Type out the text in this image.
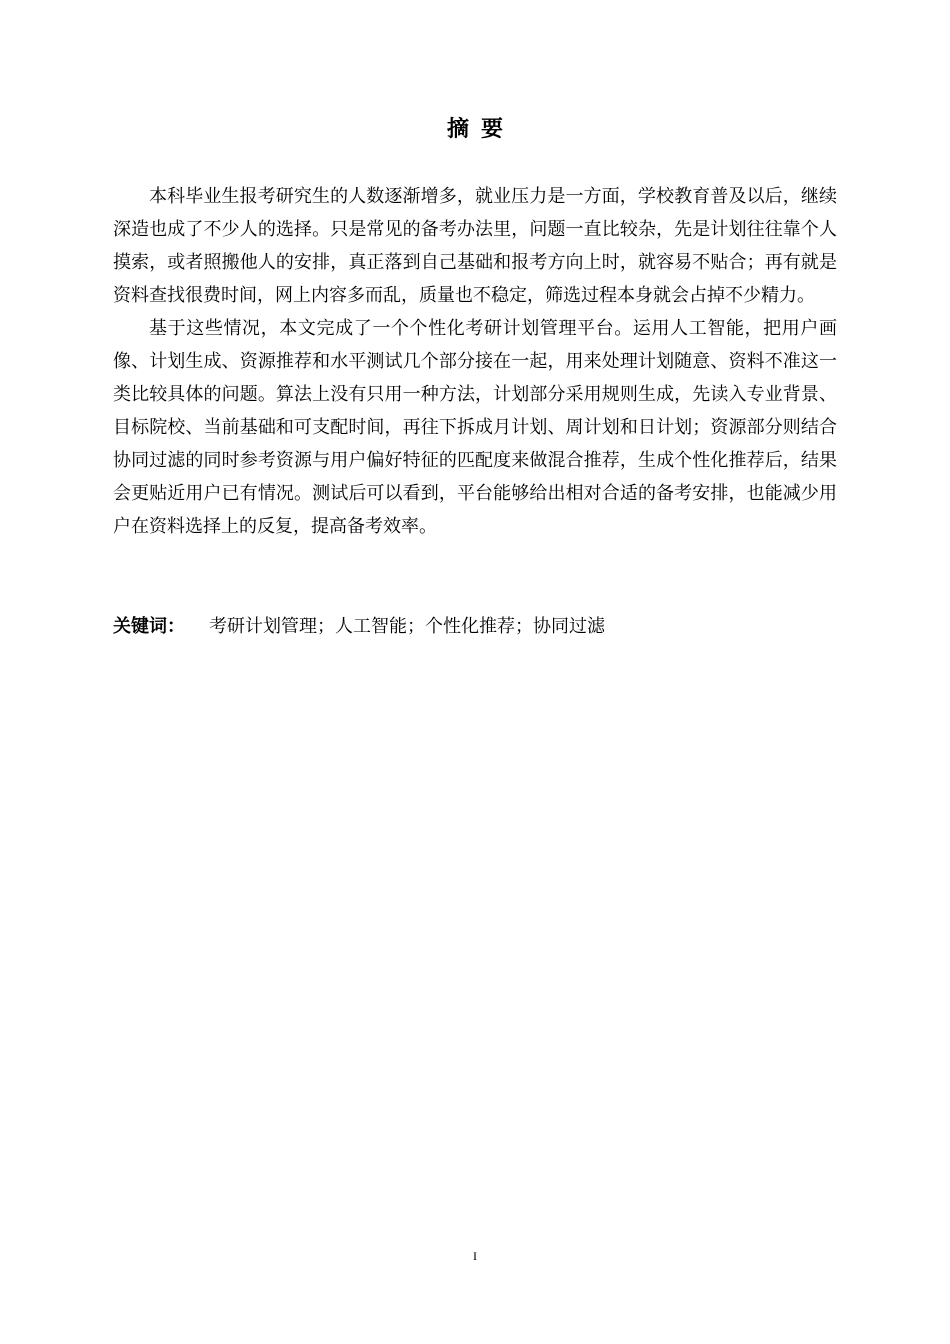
摘要

本科毕业生报考研究生的人数逐渐增多，就业压力是一方面，学校教育普及以后，继续深造也成了不少人的选择。只是常见的备考办法里，问题一直比较杂，先是计划往往靠个人摸索，或者照搬他人的安排，真正落到自己基础和报考方向上时，就容易不贴合；再有就是资料查找很费时间，网上内容多而乱，质量也不稳定，筛选过程本身就会占掉不少精力。

基于这些情况，本文完成了一个个性化考研计划管理平台。运用人工智能，把用户画像、计划生成、资源推荐和水平测试几个部分接在一起，用来处理计划随意、资料不准这一类比较具体的问题。算法上没有只用一种方法，计划部分采用规则生成，先读入专业背景、目标院校、当前基础和可支配时间，再往下拆成月计划、周计划和日计划；资源部分则结合协同过滤的同时参考资源与用户偏好特征的匹配度来做混合推荐，生成个性化推荐后，结果会更贴近用户已有情况。测试后可以看到，平台能够给出相对合适的备考安排，也能减少用户在资料选择上的反复，提高备考效率。

关键词： 考研计划管理；人工智能；个性化推荐；协同过滤
I
